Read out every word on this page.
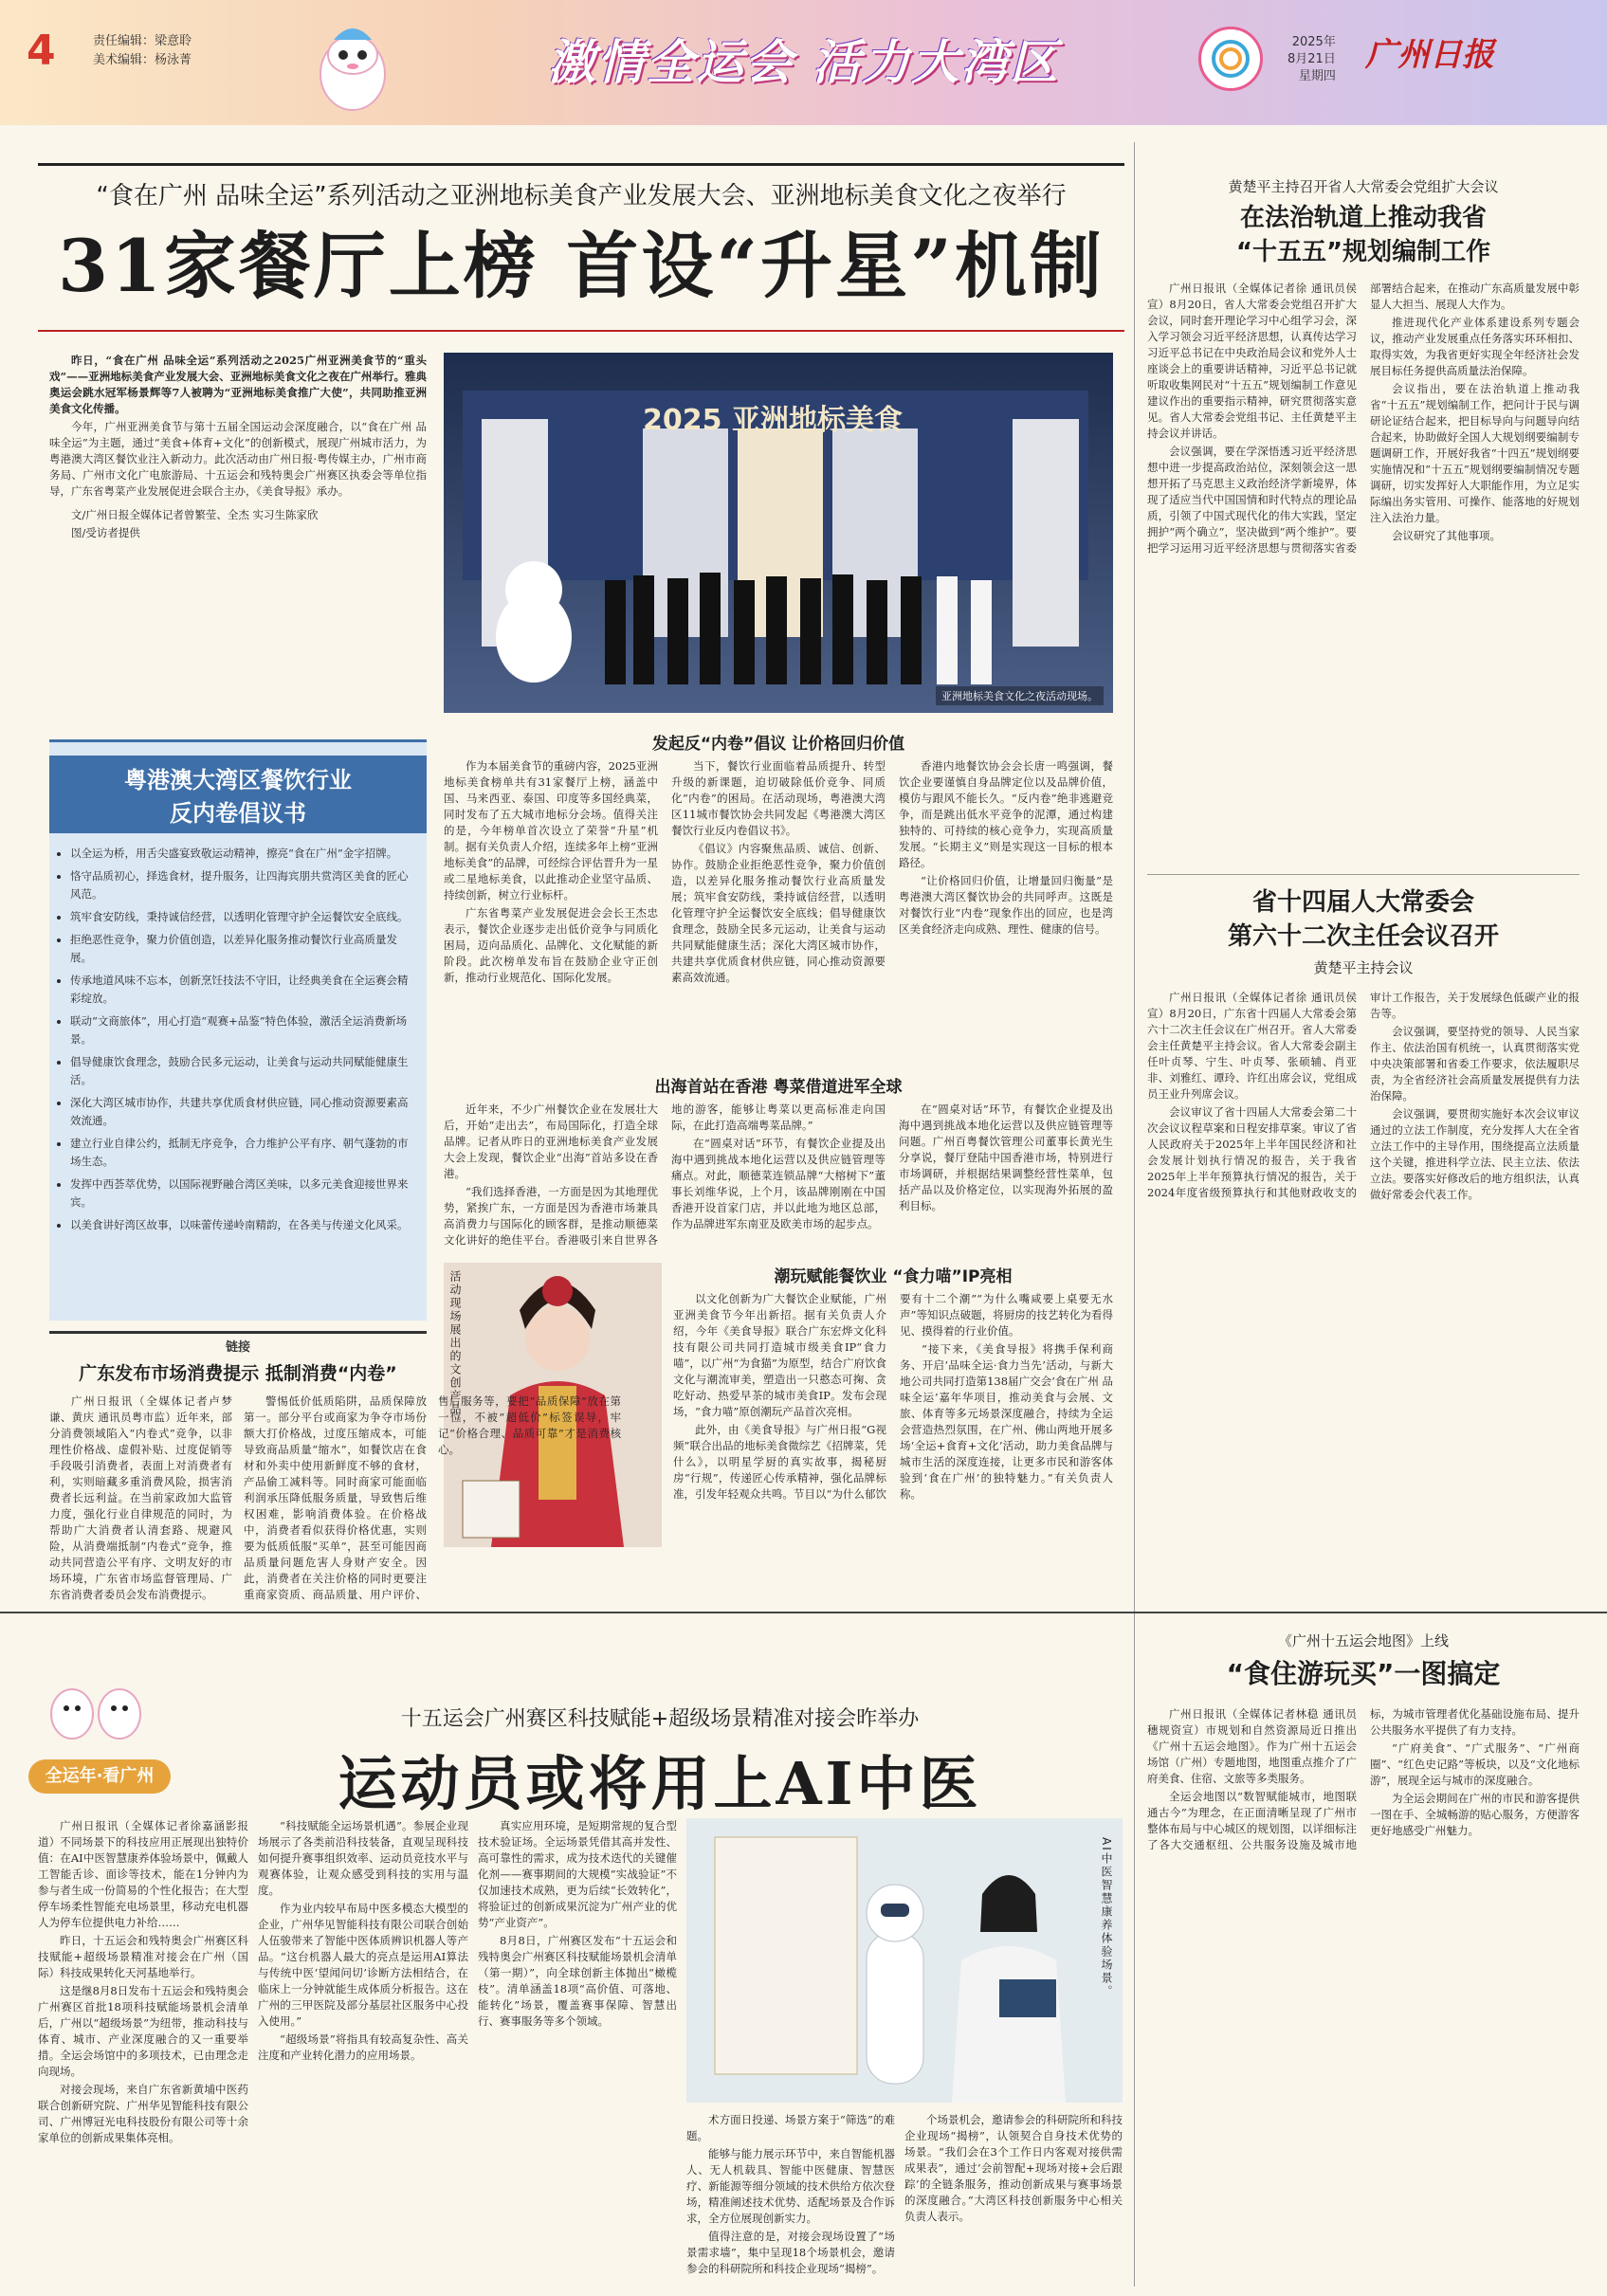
4	责任编辑：梁意聆
美术编辑：杨泳菁	激情全运会 活力大湾区	2025年
8月21日
星期四
广州日报
“食在广州 品味全运”系列活动之亚洲地标美食产业发展大会、亚洲地标美食文化之夜举行
31家餐厅上榜 首设“升星”机制

昨日，“食在广州 品味全运”系列活动之2025广州亚洲美食节的“重头戏”——亚洲地标美食产业发展大会、亚洲地标美食文化之夜在广州举行。雅典奥运会跳水冠军杨景辉等7人被聘为“亚洲地标美食推广大使”，共同助推亚洲美食文化传播。

今年，广州亚洲美食节与第十五届全国运动会深度融合，以“食在广州 品味全运”为主题，通过“美食+体育+文化”的创新模式，展现广州城市活力，为粤港澳大湾区餐饮业注入新动力。此次活动由广州日报·粤传媒主办，广州市商务局、广州市文化广电旅游局、十五运会和残特奥会广州赛区执委会等单位指导，广东省粤菜产业发展促进会联合主办，《美食导报》承办。

文/广州日报全媒体记者曾繁莹、全杰 实习生陈家欣

图/受访者提供

粤港澳大湾区餐饮行业
反内卷倡议书
• 以全运为桥，用舌尖盛宴致敬运动精神，擦亮“食在广州”金字招牌。
• 恪守品质初心，择选食材，提升服务，让四海宾朋共赏湾区美食的匠心风范。
• 筑牢食安防线，秉持诚信经营，以透明化管理守护全运餐饮安全底线。
• 拒绝恶性竞争，聚力价值创造，以差异化服务推动餐饮行业高质量发展。
• 传承地道风味不忘本，创新烹饪技法不守旧，让经典美食在全运赛会精彩绽放。
• 联动“文商旅体”，用心打造“观赛+品鉴”特色体验，激活全运消费新场景。
• 倡导健康饮食理念，鼓励合民多元运动，让美食与运动共同赋能健康生活。
• 深化大湾区城市协作，共建共享优质食材供应链，同心推动资源要素高效流通。
• 建立行业自律公约，抵制无序竞争，合力维护公平有序、朝气蓬勃的市场生态。
• 发挥中西荟萃优势，以国际视野融合湾区美味，以多元美食迎接世界来宾。
• 以美食讲好湾区故事，以味蕾传递岭南精韵，在各美与传递文化风采。
2025 亚洲地标美食
亚洲地标美食文化之夜活动现场。
发起反“内卷”倡议 让价格回归价值

作为本届美食节的重磅内容，2025亚洲地标美食榜单共有31家餐厅上榜，涵盖中国、马来西亚、泰国、印度等多国经典菜，同时发布了五大城市地标分会场。值得关注的是，今年榜单首次设立了荣誉“升星”机制。据有关负责人介绍，连续多年上榜“亚洲地标美食”的品牌，可经综合评估晋升为一星或二星地标美食，以此推动企业坚守品质、持续创新，树立行业标杆。

广东省粤菜产业发展促进会会长王杰忠表示，餐饮企业逐步走出低价竞争与同质化困局，迈向品质化、品牌化、文化赋能的新阶段。此次榜单发布旨在鼓励企业守正创新，推动行业规范化、国际化发展。

当下，餐饮行业面临着品质提升、转型升级的新课题，迫切破除低价竞争、同质化“内卷”的困局。在活动现场，粤港澳大湾区11城市餐饮协会共同发起《粤港澳大湾区餐饮行业反内卷倡议书》。

《倡议》内容聚焦品质、诚信、创新、协作。鼓励企业拒绝恶性竞争，聚力价值创造，以差异化服务推动餐饮行业高质量发展；筑牢食安防线，秉持诚信经营，以透明化管理守护全运餐饮安全底线；倡导健康饮食理念，鼓励全民多元运动，让美食与运动共同赋能健康生活；深化大湾区城市协作，共建共享优质食材供应链，同心推动资源要素高效流通。

香港内地餐饮协会会长唐一鸣强调，餐饮企业要谨慎自身品牌定位以及品牌价值，模仿与跟风不能长久。“反内卷”绝非逃避竞争，而是跳出低水平竞争的泥潭，通过构建独特的、可持续的核心竞争力，实现高质量发展。“长期主义”则是实现这一目标的根本路径。

“让价格回归价值，让增量回归衡量”是粤港澳大湾区餐饮协会的共同呼声。这既是对餐饮行业“内卷”现象作出的回应，也是湾区美食经济走向成熟、理性、健康的信号。

出海首站在香港 粤菜借道进军全球

近年来，不少广州餐饮企业在发展壮大后，开始“走出去”，布局国际化，打造全球品牌。记者从昨日的亚洲地标美食产业发展大会上发现，餐饮企业“出海”首站多设在香港。

“我们选择香港，一方面是因为其地理优势，紧挨广东，一方面是因为香港市场兼具高消费力与国际化的顾客群，是推动顺德菜文化讲好的绝佳平台。香港吸引来自世界各地的游客，能够让粤菜以更高标准走向国际，在此打造高端粤菜品牌。”

在“圆桌对话”环节，有餐饮企业提及出海中遇到挑战本地化运营以及供应链管理等痛点。对此，顺德菜连锁品牌“大榕树下”董事长刘维华说，上个月，该品牌刚刚在中国香港开设首家门店，并以此地为地区总部，作为品牌进军东南亚及欧美市场的起步点。

在“圆桌对话”环节，有餐饮企业提及出海中遇到挑战本地化运营以及供应链管理等问题。广州百粤餐饮管理公司董事长黄光生分享说，餐厅登陆中国香港市场，特别进行市场调研，并根据结果调整经营性菜单，包括产品以及价格定位，以实现海外拓展的盈利目标。

潮玩赋能餐饮业 “食力喵”IP亮相
活动现场展出的文创产品。	以文化创新为广大餐饮企业赋能，广州亚洲美食节今年出新招。据有关负责人介绍，今年《美食导报》联合广东宏烨文化科技有限公司共同打造城市级美食IP“食力喵”，以广州“为食猫”为原型，结合广府饮食文化与潮流审美，塑造出一只憨态可掬、贪吃好动、热爱早茶的城市美食IP。发布会现场，“食力喵”原创潮玩产品首次亮相。

此外，由《美食导报》与广州日报“G视频”联合出品的地标美食微综艺《招牌菜，凭什么》，以明星学厨的真实故事，揭秘厨房“行规”，传递匠心传承精神，强化品牌标准，引发年轻观众共鸣。节目以“为什么郁饮要有十二个潮”“为什么嘴咸要上桌要无水声”等知识点破题，将厨房的技艺转化为看得见、摸得着的行业价值。

“接下来，《美食导报》将携手保利商务、开启‘品味全运·食力当先’活动，与新大地公司共同打造第138届广交会‘食在广州 品味全运’嘉年华项目，推动美食与会展、文旅、体育等多元场景深度融合，持续为全运会营造热烈氛围，在广州、佛山两地开展多场‘全运+食育+文化’活动，助力美食品牌与城市生活的深度连接，让更多市民和游客体验到‘食在广州’的独特魅力。”有关负责人称。

链接
广东发布市场消费提示 抵制消费“内卷”

广州日报讯（全媒体记者卢梦谦、黄庆 通讯员粤市监）近年来，部分消费领域陷入“内卷式”竞争，以非理性价格战、虚假补贴、过度促销等手段吸引消费者，表面上对消费者有利，实则暗藏多重消费风险，损害消费者长远利益。在当前家政加大监管力度，强化行业自律规范的同时，为帮助广大消费者认清套路、规避风险，从消费端抵制“内卷式”竞争，推动共同营造公平有序、文明友好的市场环境，广东省市场监督管理局、广东省消费者委员会发布消费提示。

警惕低价低质陷阱，品质保障放第一。部分平台或商家为争夺市场份额大打价格战，过度压缩成本，可能导致商品质量“缩水”，如餐饮店在食材和外卖中使用新鲜度不够的食材，产品偷工减料等。同时商家可能面临利润承压降低服务质量，导致售后维权困难，影响消费体验。在价格战中，消费者看似获得价格优惠，实则要为低质低服“买单”，甚至可能因商品质量问题危害人身财产安全。因此，消费者在关注价格的同时更要注重商家资质、商品质量、用户评价、售后服务等，要把“品质保障”放在第一位，不被“超低价”标签误导，牢记“价格合理、品质可靠”才是消费核心。

黄楚平主持召开省人大常委会党组扩大会议
在法治轨道上推动我省
“十五五”规划编制工作

广州日报讯（全媒体记者徐 通讯员侯宣）8月20日，省人大常委会党组召开扩大会议，同时套开理论学习中心组学习会，深入学习领会习近平经济思想，认真传达学习习近平总书记在中央政治局会议和党外人士座谈会上的重要讲话精神，习近平总书记就听取收集网民对“十五五”规划编制工作意见建议作出的重要指示精神，研究贯彻落实意见。省人大常委会党组书记、主任黄楚平主持会议并讲话。

会议强调，要在学深悟透习近平经济思想中进一步提高政治站位，深刻领会这一思想开拓了马克思主义政治经济学新境界，体现了适应当代中国国情和时代特点的理论品质，引领了中国式现代化的伟大实践，坚定拥护“两个确立”，坚决做到“两个维护”。要把学习运用习近平经济思想与贯彻落实省委部署结合起来，在推动广东高质量发展中彰显人大担当、展现人大作为。

推进现代化产业体系建设系列专题会议，推动产业发展重点任务落实环环相扣、取得实效，为我省更好实现全年经济社会发展目标任务提供高质量法治保障。

会议指出，要在法治轨道上推动我省“十五五”规划编制工作，把问计于民与调研论证结合起来，把目标导向与问题导向结合起来，协助做好全国人大规划纲要编制专题调研工作，开展好我省“十四五”规划纲要实施情况和“十五五”规划纲要编制情况专题调研，切实发挥好人大职能作用，为立足实际编出务实管用、可操作、能落地的好规划注入法治力量。

会议研究了其他事项。

省十四届人大常委会
第六十二次主任会议召开
黄楚平主持会议

广州日报讯（全媒体记者徐 通讯员侯宣）8月20日，广东省十四届人大常委会第六十二次主任会议在广州召开。省人大常委会主任黄楚平主持会议。省人大常委会副主任叶贞琴、宁生、叶贞琴、张硕辅、肖亚非、刘雅红、谭玲、许红出席会议，党组成员王业升列席会议。

会议审议了省十四届人大常委会第二十次会议议程草案和日程安排草案。审议了省人民政府关于2025年上半年国民经济和社会发展计划执行情况的报告，关于我省2025年上半年预算执行情况的报告，关于2024年度省级预算执行和其他财政收支的审计工作报告，关于发展绿色低碳产业的报告等。

会议强调，要坚持党的领导、人民当家作主、依法治国有机统一，认真贯彻落实党中央决策部署和省委工作要求，依法履职尽责，为全省经济社会高质量发展提供有力法治保障。

会议强调，要贯彻实施好本次会议审议通过的立法工作制度，充分发挥人大在全省立法工作中的主导作用，围绕提高立法质量这个关键，推进科学立法、民主立法、依法立法。要落实好修改后的地方组织法，认真做好常委会代表工作。

全运年·看广州
十五运会广州赛区科技赋能+超级场景精准对接会昨举办
运动员或将用上AI中医

广州日报讯（全媒体记者徐嘉涵影报道）不同场景下的科技应用正展现出独特价值：在AI中医智慧康养体验场景中，佩戴人工智能舌诊、面诊等技术，能在1分钟内为参与者生成一份简易的个性化报告；在大型停车场柔性智能充电场景里，移动充电机器人为停车位提供电力补给……

昨日，十五运会和残特奥会广州赛区科技赋能+超级场景精准对接会在广州（国际）科技成果转化天河基地举行。

这是继8月8日发布十五运会和残特奥会广州赛区首批18项科技赋能场景机会清单后，广州以“超级场景”为纽带，推动科技与体育、城市、产业深度融合的又一重要举措。全运会场馆中的多项技术，已由理念走向现场。

对接会现场，来自广东省新黄埔中医药联合创新研究院、广州华见智能科技有限公司、广州博冠光电科技股份有限公司等十余家单位的创新成果集体亮相。

“科技赋能全运场景机遇”。参展企业现场展示了各类前沿科技装备，直观呈现科技如何提升赛事组织效率、运动员竞技水平与观赛体验，让观众感受到科技的实用与温度。

作为业内较早布局中医多模态大模型的企业，广州华见智能科技有限公司联合创始人伍骏带来了智能中医体质辨识机器人等产品。“这台机器人最大的亮点是运用AI算法与传统中医‘望闻问切’诊断方法相结合，在临床上一分钟就能生成体质分析报告。这在广州的三甲医院及部分基层社区服务中心投入使用。”

“超级场景”将指具有较高复杂性、高关注度和产业转化潜力的应用场景。

真实应用环境，是短期常规的复合型技术验证场。全运场景凭借其高并发性、高可靠性的需求，成为技术迭代的关键催化剂——赛事期间的大规模“实战验证”不仅加速技术成熟，更为后续“长效转化”，将验证过的创新成果沉淀为广州产业的优势“产业资产”。

8月8日，广州赛区发布“十五运会和残特奥会广州赛区科技赋能场景机会清单（第一期）”，向全球创新主体抛出“橄榄枝”。清单涵盖18项“高价值、可落地、能转化”场景，覆盖赛事保障、智慧出行、赛事服务等多个领域。

AI中医智慧康养体验场景。

术方面日投递、场景方案于“筛选”的难题。

能够与能力展示环节中，来自智能机器人、无人机载具、智能中医健康、智慧医疗、新能源等细分领域的技术供给方依次登场，精准阐述技术优势、适配场景及合作诉求，全方位展现创新实力。

值得注意的是，对接会现场设置了“场景需求墙”，集中呈现18个场景机会，邀请参会的科研院所和科技企业现场“揭榜”。

个场景机会，邀请参会的科研院所和科技企业现场“揭榜”，认领契合自身技术优势的场景。“我们会在3个工作日内客观对接供需成果表”，通过‘会前智配+现场对接+会后跟踪’的全链条服务，推动创新成果与赛事场景的深度融合。”大湾区科技创新服务中心相关负责人表示。

《广州十五运会地图》上线
“食住游玩买”一图搞定

广州日报讯（全媒体记者林稳 通讯员穗规资宣）市规划和自然资源局近日推出《广州十五运会地图》。作为广州十五运会场馆（广州）专题地图，地图重点推介了广府美食、住宿、文旅等多类服务。

全运会地图以“数智赋能城市，地图联通古今”为理念，在正面清晰呈现了广州市整体布局与中心城区的规划图，以详细标注了各大交通枢纽、公共服务设施及城市地标，为城市管理者优化基础设施布局、提升公共服务水平提供了有力支持。

“广府美食”、“广式服务”、“广州商圈”、“红色史记路”等板块，以及“文化地标游”，展现全运与城市的深度融合。

为全运会期间在广州的市民和游客提供一图在手、全城畅游的贴心服务，方便游客更好地感受广州魅力。
